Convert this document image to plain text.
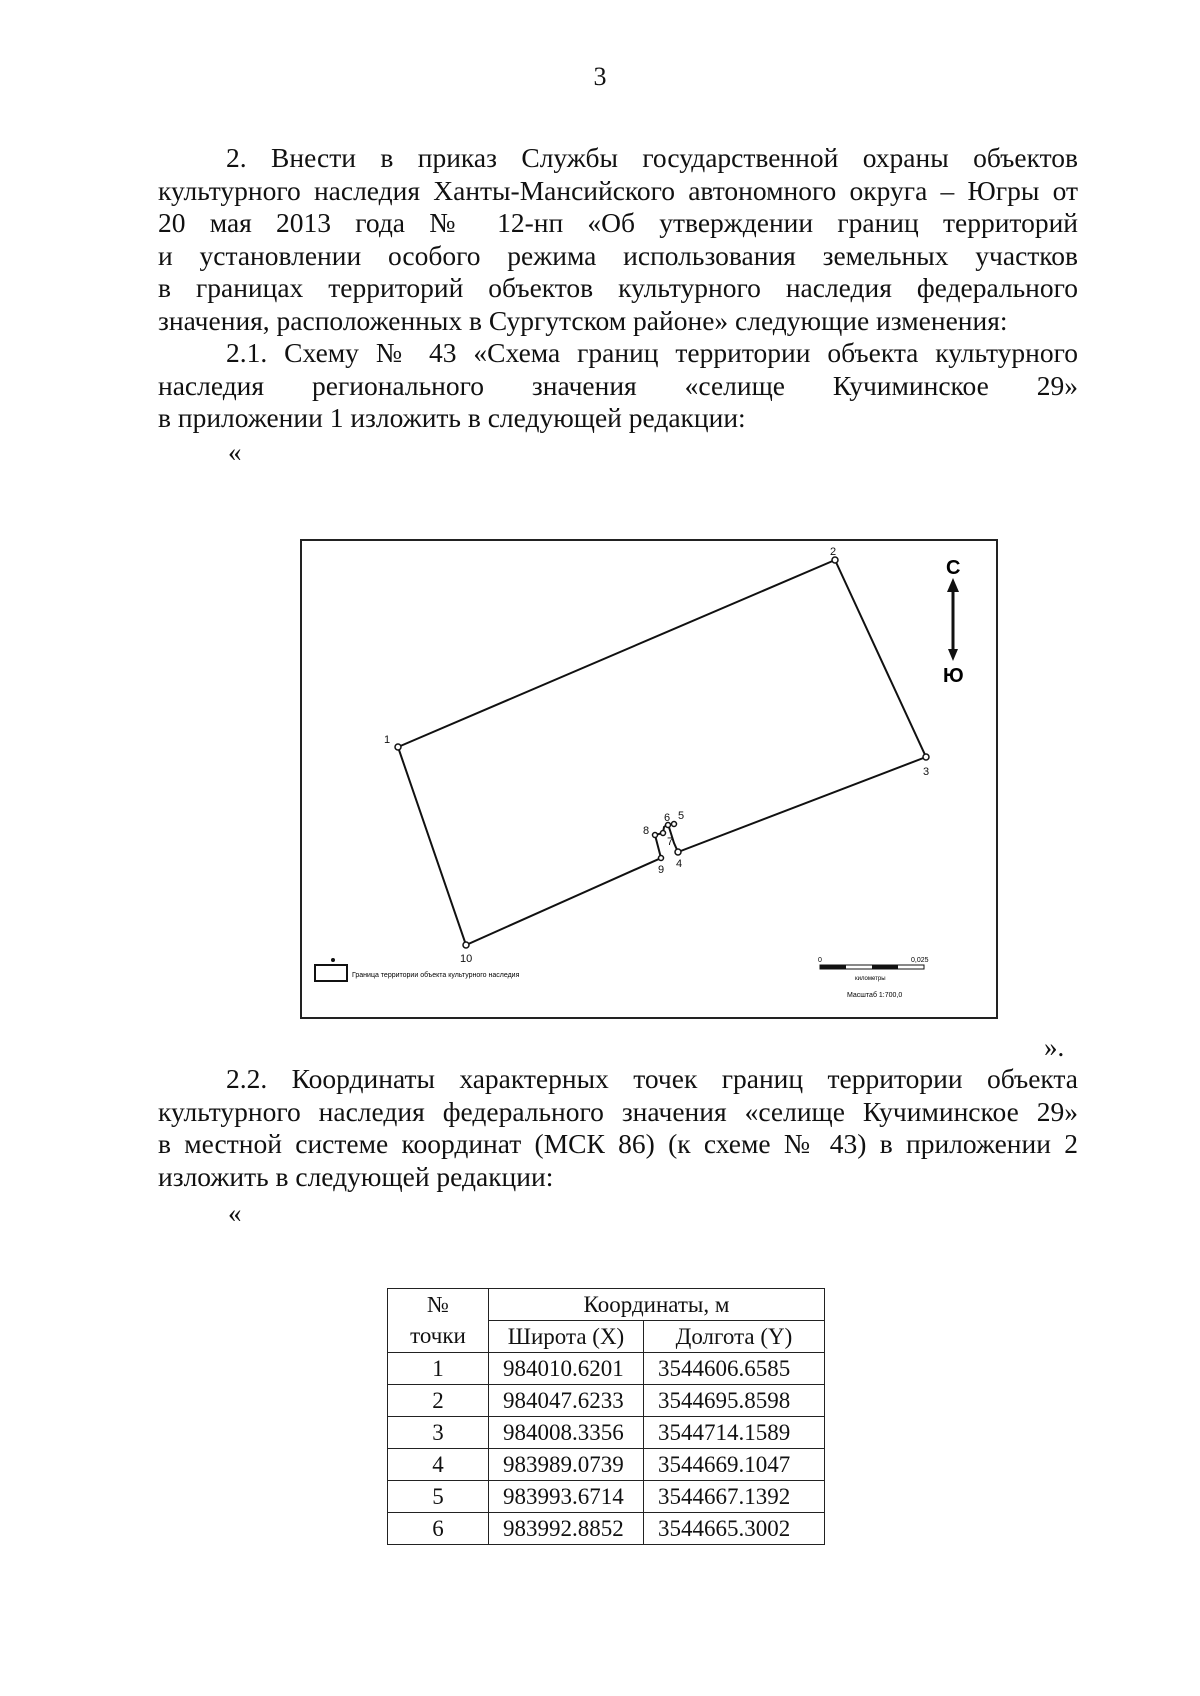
3
2. Внести в приказ Службы государственной охраны объектов
культурного наследия Ханты-Мансийского автономного округа – Югры от
20 мая 2013 года № 12-нп «Об утверждении границ территорий
и установлении особого режима использования земельных участков
в границах территорий объектов культурного наследия федерального
значения, расположенных в Сургутском районе» следующие изменения:
2.1. Схему № 43 «Схема границ территории объекта культурного
наследия регионального значения «селище Кучиминское 29»
в приложении 1 изложить в следующей редакции:
«
1
2
3
4
5
6
7
8
9
10
С
Ю
Граница территории объекта культурного наследия
0	0,025
километры
Масштаб 1:700,0
».
2.2. Координаты характерных точек границ территории объекта
культурного наследия федерального значения «селище Кучиминское 29»
в местной системе координат (МСК 86) (к схеме № 43) в приложении 2
изложить в следующей редакции:
«
№	Координаты, м	
точки	Широта (X)	Долгота (Y)
1	984010.6201	3544606.6585
2	984047.6233	3544695.8598
3	984008.3356	3544714.1589
4	983989.0739	3544669.1047
5	983993.6714	3544667.1392
6	983992.8852	3544665.3002
